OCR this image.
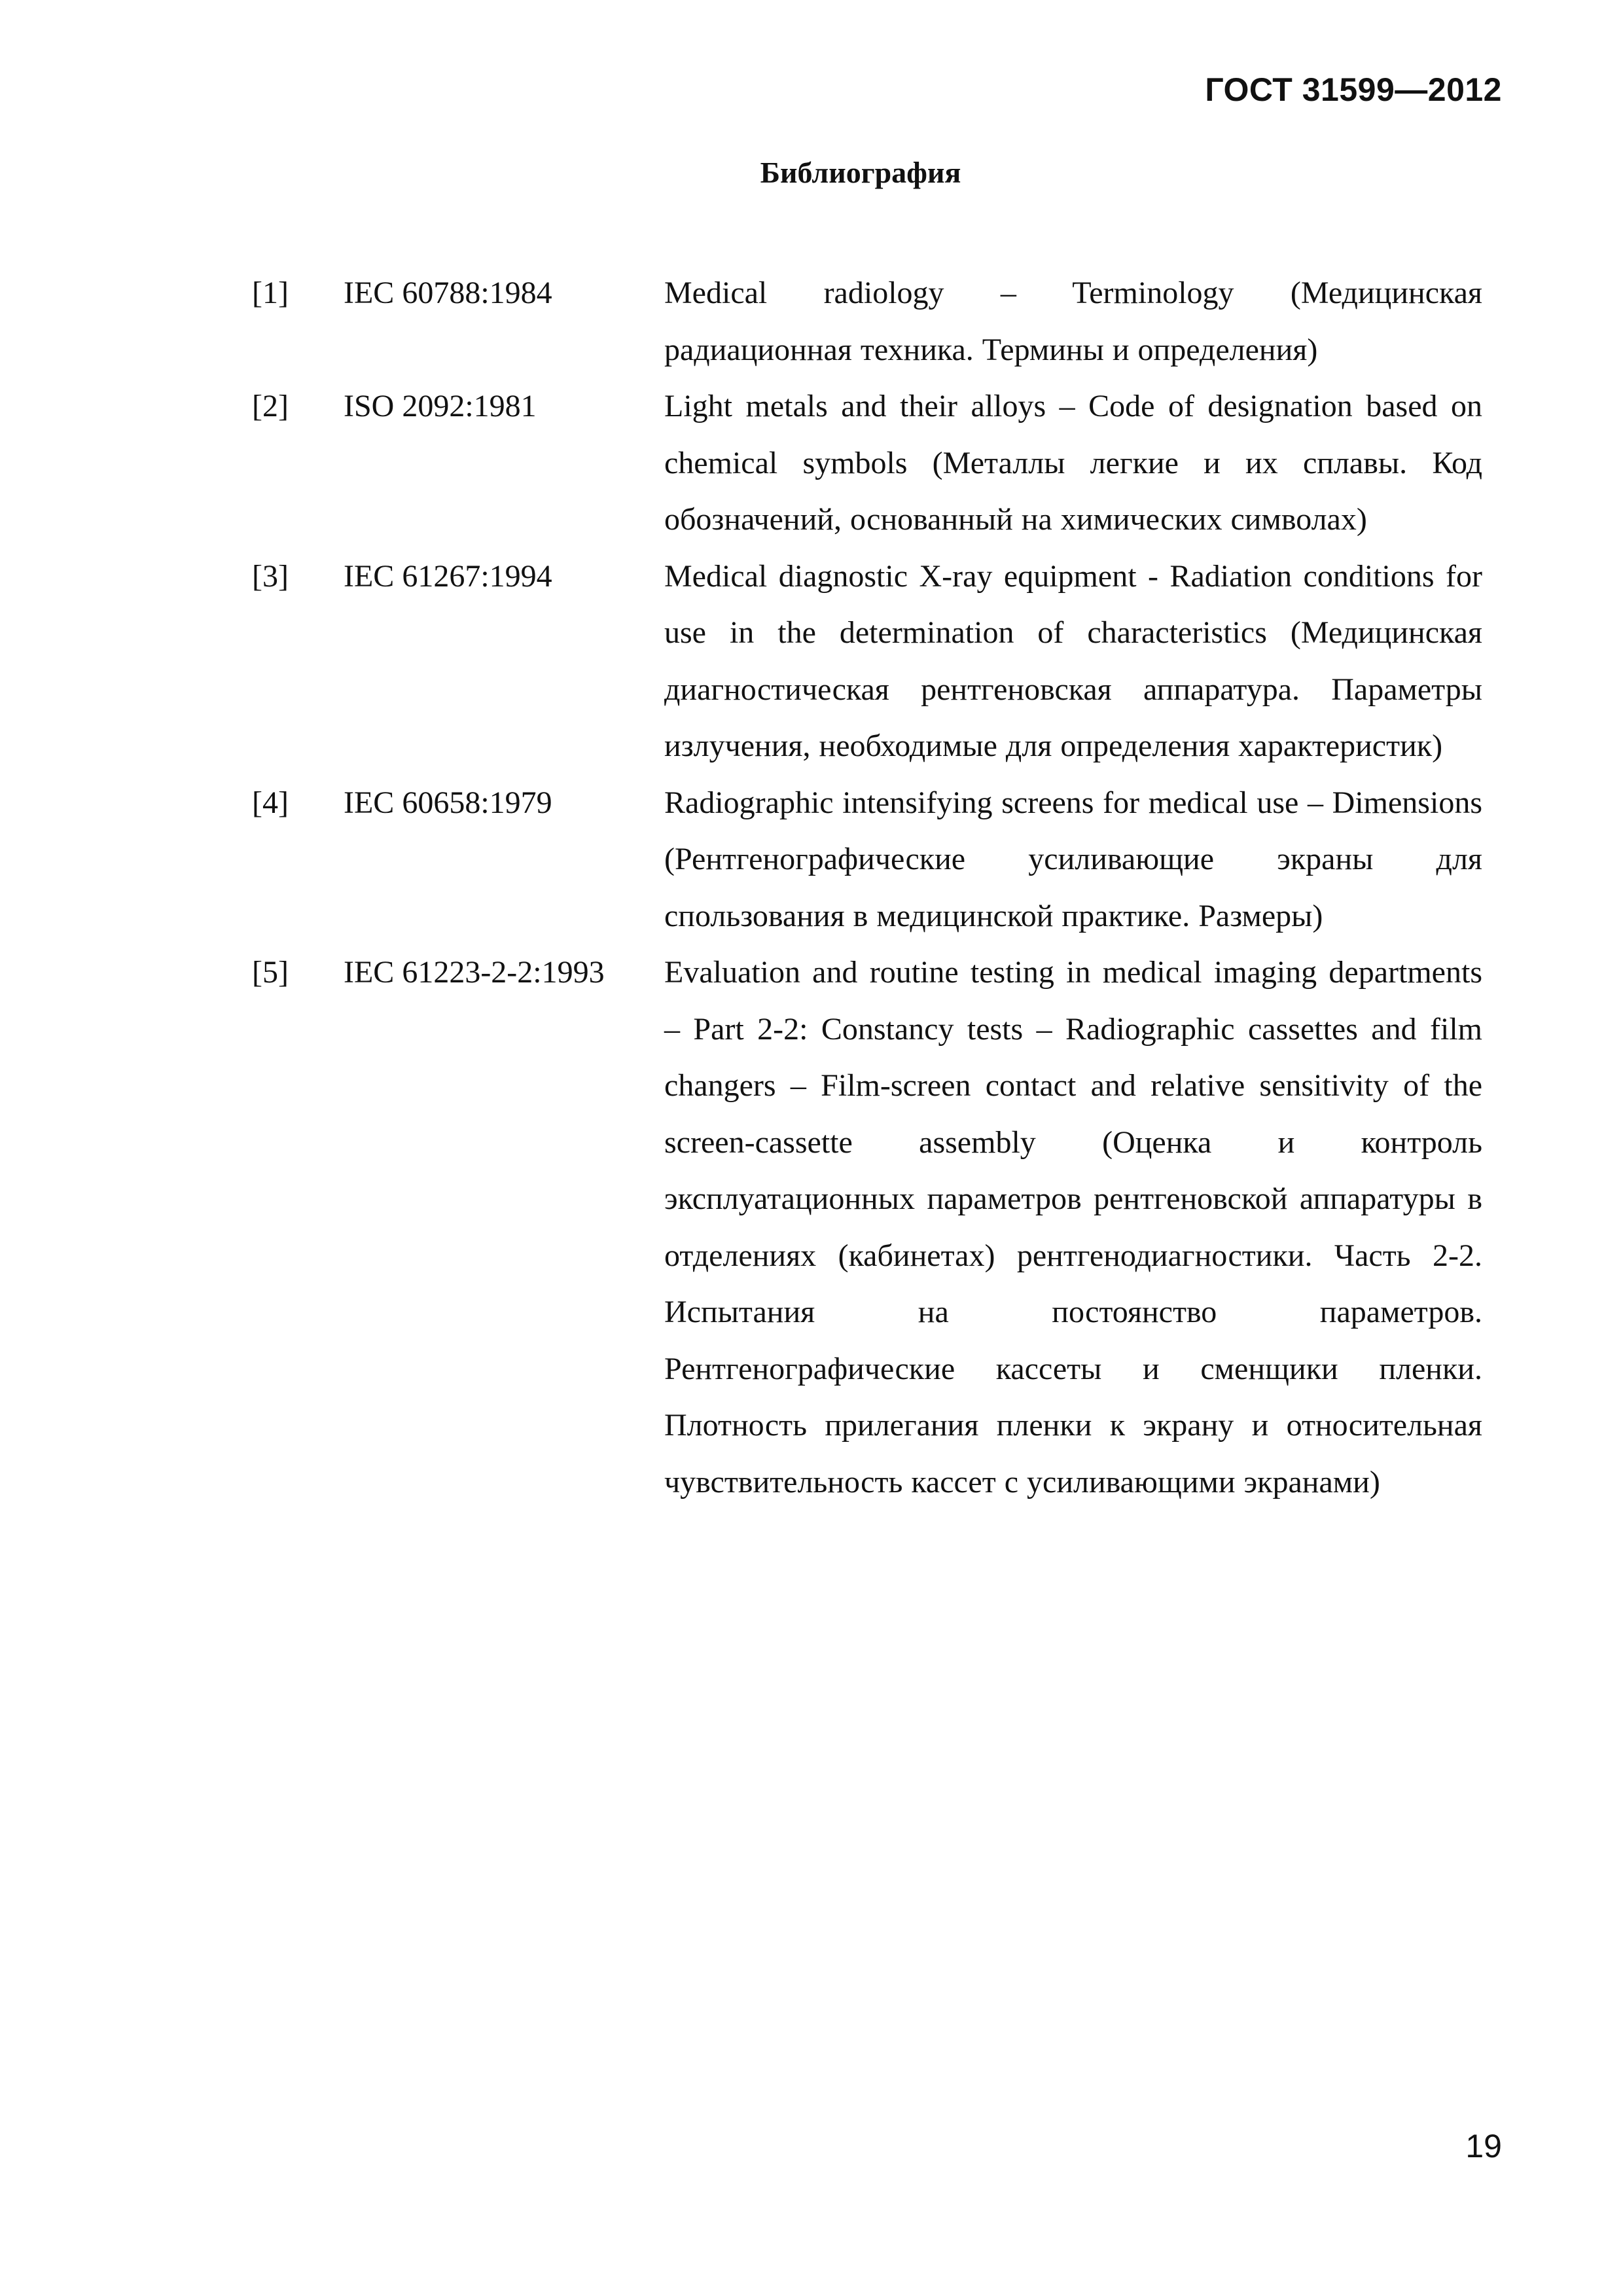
ГОСТ 31599—2012
Библиография
[1] IEC 60788:1984	Medical radiology – Terminology (Медицинская радиационная техника. Термины и определения)
[2] ISO 2092:1981	Light metals and their alloys – Code of designation based on chemical symbols (Металлы легкие и их сплавы. Код обозначений, основанный на химических символах)
[3] IEC 61267:1994	Medical diagnostic X-ray equipment - Radiation conditions for use in the determination of characteristics (Медицинская диагностическая рентгеновская аппаратура. Параметры излучения, необходимые для определения характеристик)
[4] IEC 60658:1979	Radiographic intensifying screens for medical use – Dimensions (Рентгенографические усиливающие экраны для спользования в медицинской практике. Размеры)
[5] IEC 61223-2-2:1993 Evaluation and routine testing in medical imaging departments – Part 2-2: Constancy tests – Radiographic cassettes and film changers – Film-screen contact and relative sensitivity of the screen-cassette assembly (Оценка и контроль эксплуатационных параметров рентгеновской аппаратуры в отделениях (кабинетах) рентгенодиагностики. Часть 2-2. Испытания на постоянство параметров. Рентгенографические кассеты и сменщики пленки. Плотность прилегания пленки к экрану и относительная чувствительность кассет с усиливающими экранами)
19
